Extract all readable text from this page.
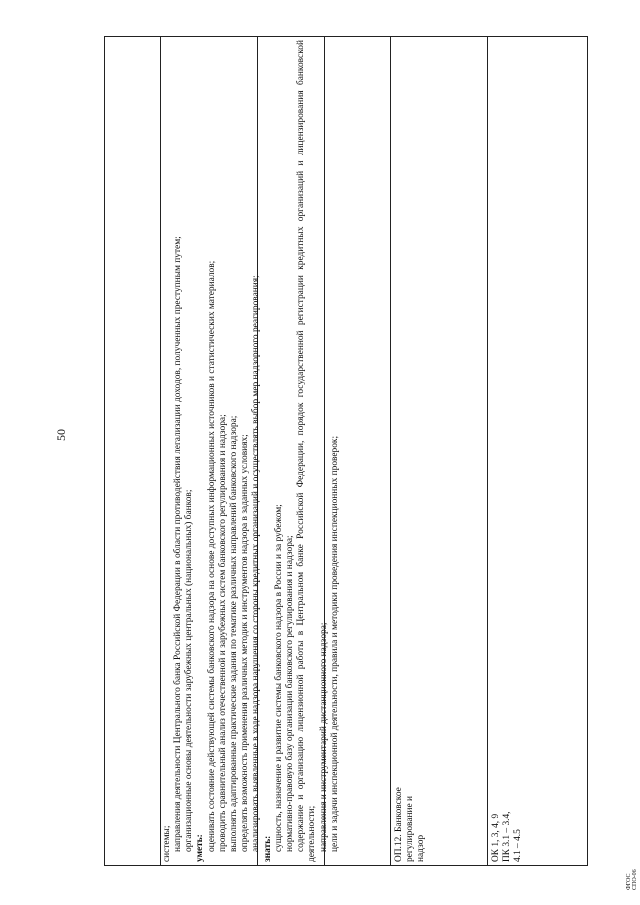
50

системы; направления деятельности Центрального банка Российской Федерации в области противодействия легализации доходов, полученных преступным путем; организационные основы деятельности зарубежных центральных (национальных) банков; уметь: оценивать состояние действующей системы банковского надзора на основе доступных информационных источников и статистических материалов; проводить сравнительный анализ отечественной и зарубежных систем банковского регулирования и надзора; выполнять адаптированные практические задания по тематике различных направлений банковского надзора; определять возможность применения различных методик и инструментов надзора в заданных условиях; анализировать выявленные в ходе надзора нарушения со стороны кредитных организаций и осуществлять выбор мер надзорного реагирования; знать: сущность, назначение и развитие системы банковского надзора в России и за рубежом; нормативно-правовую базу организации банковского регулирования и надзора; содержание и организацию лицензионной работы в Центральном банке Российской Федерации, порядок государственной регистрации кредитных организаций и лицензирования банковской деятельности; направления и инструментарий дистанционного надзора; цели и задачи инспекционной деятельности, правила и методики проведения инспекционных проверок;	ОП.12. Банковское регулирование и надзор	ОК 1, 3, 4, 9 ПК 3.1 – 3.4, 4.1 – 4.5
ФГОС СПО-06
